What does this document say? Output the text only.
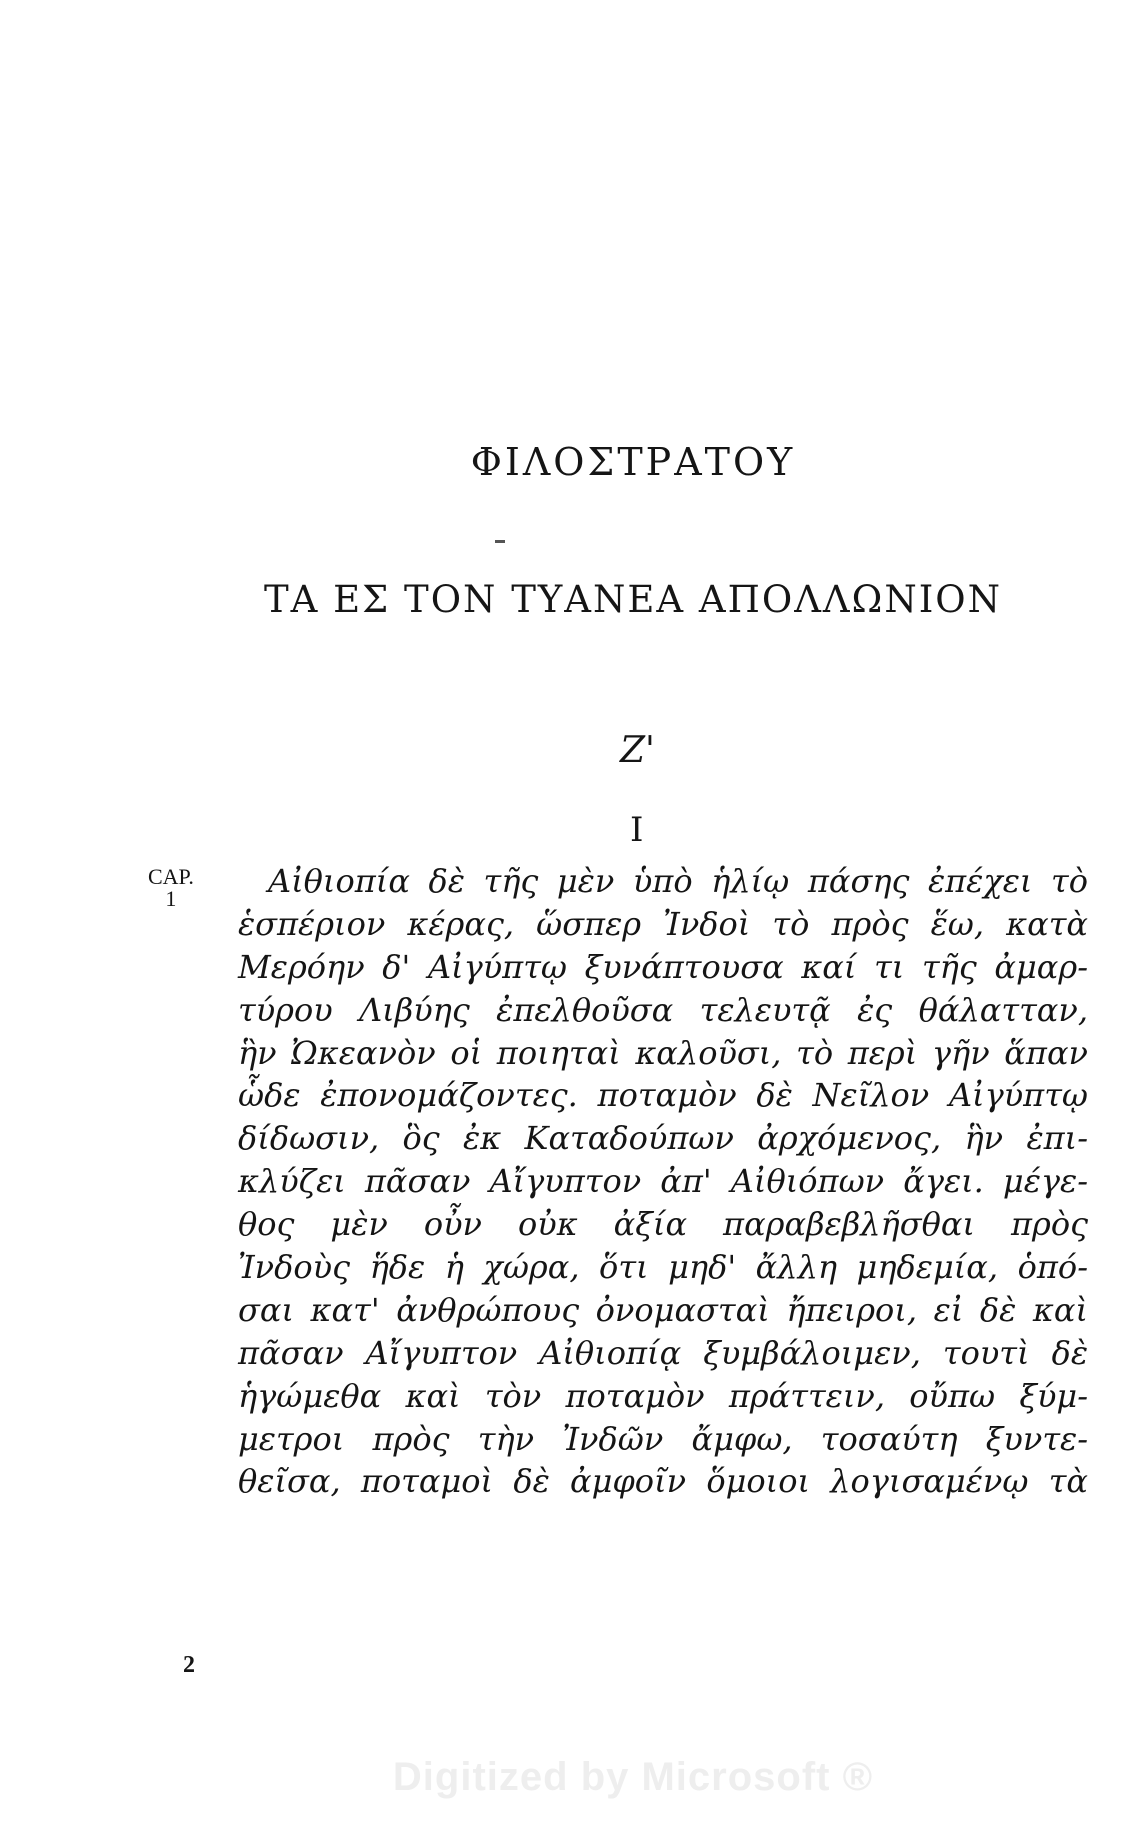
ΦΙΛΟΣΤΡΑΤΟΥ
ΤΑ ΕΣ ΤΟΝ ΤΥΑΝΕΑ ΑΠΟΛΛΩΝΙΟΝ
Ζ'
I
CAP.
1	Αἰθιοπία δὲ τῆς μὲν ὑπὸ ἡλίῳ πάσης ἐπέχει τὸ
ἑσπέριον κέρας, ὥσπερ Ἰνδοὶ τὸ πρὸς ἕω, κατὰ
Μερόην δ' Αἰγύπτῳ ξυνάπτουσα καί τι τῆς ἀμαρ-
τύρου Λιβύης ἐπελθοῦσα τελευτᾷ ἐς θάλατταν,
ἣν Ὠκεανὸν οἱ ποιηταὶ καλοῦσι, τὸ περὶ γῆν ἅπαν
ὧδε ἐπονομάζοντες. ποταμὸν δὲ Νεῖλον Αἰγύπτῳ
δίδωσιν, ὃς ἐκ Καταδούπων ἀρχόμενος, ἣν ἐπι-
κλύζει πᾶσαν Αἴγυπτον ἀπ' Αἰθιόπων ἄγει. μέγε-
θος μὲν οὖν οὐκ ἀξία παραβεβλῆσθαι πρὸς
Ἰνδοὺς ἥδε ἡ χώρα, ὅτι μηδ' ἄλλη μηδεμία, ὁπό-
σαι κατ' ἀνθρώπους ὀνομασταὶ ἤπειροι, εἰ δὲ καὶ
πᾶσαν Αἴγυπτον Αἰθιοπίᾳ ξυμβάλοιμεν, τουτὶ δὲ
ἡγώμεθα καὶ τὸν ποταμὸν πράττειν, οὔπω ξύμ-
μετροι πρὸς τὴν Ἰνδῶν ἄμφω, τοσαύτη ξυντε-
θεῖσα, ποταμοὶ δὲ ἀμφοῖν ὅμοιοι λογισαμένῳ τὰ
2
Digitized by Microsoft ®
